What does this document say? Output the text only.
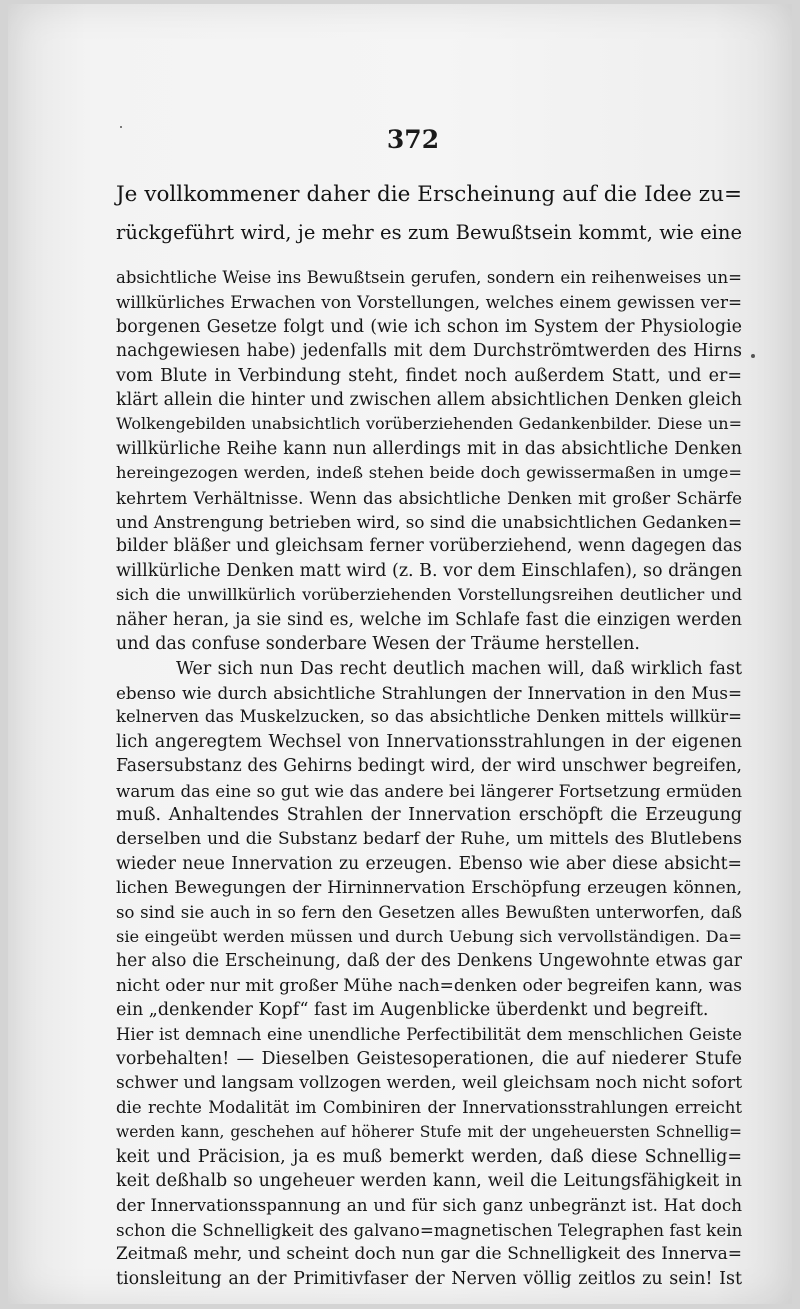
372
Je vollkommener daher die Erscheinung auf die Idee zu=
rückgeführt wird, je mehr es zum Bewußtsein kommt, wie eine
absichtliche Weise ins Bewußtsein gerufen, sondern ein reihenweises un=
willkürliches Erwachen von Vorstellungen, welches einem gewissen ver=
borgenen Gesetze folgt und (wie ich schon im System der Physiologie
nachgewiesen habe) jedenfalls mit dem Durchströmtwerden des Hirns
vom Blute in Verbindung steht, findet noch außerdem Statt, und er=
klärt allein die hinter und zwischen allem absichtlichen Denken gleich
Wolkengebilden unabsichtlich vorüberziehenden Gedankenbilder. Diese un=
willkürliche Reihe kann nun allerdings mit in das absichtliche Denken
hereingezogen werden, indeß stehen beide doch gewissermaßen in umge=
kehrtem Verhältnisse. Wenn das absichtliche Denken mit großer Schärfe
und Anstrengung betrieben wird, so sind die unabsichtlichen Gedanken=
bilder bläßer und gleichsam ferner vorüberziehend, wenn dagegen das
willkürliche Denken matt wird (z. B. vor dem Einschlafen), so drängen
sich die unwillkürlich vorüberziehenden Vorstellungsreihen deutlicher und
näher heran, ja sie sind es, welche im Schlafe fast die einzigen werden
und das confuse sonderbare Wesen der Träume herstellen.
Wer sich nun Das recht deutlich machen will, daß wirklich fast
ebenso wie durch absichtliche Strahlungen der Innervation in den Mus=
kelnerven das Muskelzucken, so das absichtliche Denken mittels willkür=
lich angeregtem Wechsel von Innervationsstrahlungen in der eigenen
Fasersubstanz des Gehirns bedingt wird, der wird unschwer begreifen,
warum das eine so gut wie das andere bei längerer Fortsetzung ermüden
muß. Anhaltendes Strahlen der Innervation erschöpft die Erzeugung
derselben und die Substanz bedarf der Ruhe, um mittels des Blutlebens
wieder neue Innervation zu erzeugen. Ebenso wie aber diese absicht=
lichen Bewegungen der Hirninnervation Erschöpfung erzeugen können,
so sind sie auch in so fern den Gesetzen alles Bewußten unterworfen, daß
sie eingeübt werden müssen und durch Uebung sich vervollständigen. Da=
her also die Erscheinung, daß der des Denkens Ungewohnte etwas gar
nicht oder nur mit großer Mühe nach=denken oder begreifen kann, was
ein „denkender Kopf“ fast im Augenblicke überdenkt und begreift.
Hier ist demnach eine unendliche Perfectibilität dem menschlichen Geiste
vorbehalten! — Dieselben Geistesoperationen, die auf niederer Stufe
schwer und langsam vollzogen werden, weil gleichsam noch nicht sofort
die rechte Modalität im Combiniren der Innervationsstrahlungen erreicht
werden kann, geschehen auf höherer Stufe mit der ungeheuersten Schnellig=
keit und Präcision, ja es muß bemerkt werden, daß diese Schnellig=
keit deßhalb so ungeheuer werden kann, weil die Leitungsfähigkeit in
der Innervationsspannung an und für sich ganz unbegränzt ist. Hat doch
schon die Schnelligkeit des galvano=magnetischen Telegraphen fast kein
Zeitmaß mehr, und scheint doch nun gar die Schnelligkeit des Innerva=
tionsleitung an der Primitivfaser der Nerven völlig zeitlos zu sein! Ist
